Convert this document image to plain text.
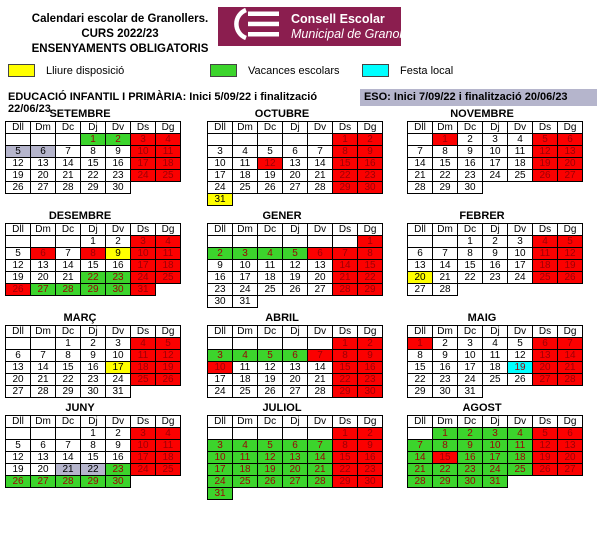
Calendari escolar de Granollers.
CURS 2022/23
ENSENYAMENTS OBLIGATORIS
Consell Escolar
Municipal de Granollers
Lliure disposició	Vacances escolars	Festa local
EDUCACIÓ INFANTIL I PRIMÀRIA: Inici 5/09/22 i finalització 22/06/23
ESO: Inici 7/09/22 i finalització 20/06/23
SETEMBRE
Dll	Dm	Dc	Dj	Dv	Ds	Dg
			1	2	3	4
5	6	7	8	9	10	11
12	13	14	15	16	17	18
19	20	21	22	23	24	25
26	27	28	29	30		
OCTUBRE
Dll	Dm	Dc	Dj	Dv	Ds	Dg
					1	2
3	4	5	6	7	8	9
10	11	12	13	14	15	16
17	18	19	20	21	22	23
24	25	26	27	28	29	30
31						
NOVEMBRE
Dll	Dm	Dc	Dj	Dv	Ds	Dg
	1	2	3	4	5	6
7	8	9	10	11	12	13
14	15	16	17	18	19	20
21	22	23	24	25	26	27
28	29	30				
DESEMBRE
Dll	Dm	Dc	Dj	Dv	Ds	Dg
			1	2	3	4
5	6	7	8	9	10	11
12	13	14	15	16	17	18
19	20	21	22	23	24	25
26	27	28	29	30	31	
GENER
Dll	Dm	Dc	Dj	Dv	Ds	Dg
						1
2	3	4	5	6	7	8
9	10	11	12	13	14	15
16	17	18	19	20	21	22
23	24	25	26	27	28	29
30	31					
FEBRER
Dll	Dm	Dc	Dj	Dv	Ds	Dg
		1	2	3	4	5
6	7	8	9	10	11	12
13	14	15	16	17	18	19
20	21	22	23	24	25	26
27	28					
MARÇ
Dll	Dm	Dc	Dj	Dv	Ds	Dg
		1	2	3	4	5
6	7	8	9	10	11	12
13	14	15	16	17	18	19
20	21	22	23	24	25	26
27	28	29	30	31		
ABRIL
Dll	Dm	Dc	Dj	Dv	Ds	Dg
					1	2
3	4	5	6	7	8	9
10	11	12	13	14	15	16
17	18	19	20	21	22	23
24	25	26	27	28	29	30
MAIG
Dll	Dm	Dc	Dj	Dv	Ds	Dg
1	2	3	4	5	6	7
8	9	10	11	12	13	14
15	16	17	18	19	20	21
22	23	24	25	26	27	28
29	30	31				
JUNY
Dll	Dm	Dc	Dj	Dv	Ds	Dg
			1	2	3	4
5	6	7	8	9	10	11
12	13	14	15	16	17	18
19	20	21	22	23	24	25
26	27	28	29	30		
JULIOL
Dll	Dm	Dc	Dj	Dv	Ds	Dg
					1	2
3	4	5	6	7	8	9
10	11	12	13	14	15	16
17	18	19	20	21	22	23
24	25	26	27	28	29	30
31						
AGOST
Dll	Dm	Dc	Dj	Dv	Ds	Dg
	1	2	3	4	5	6
7	8	9	10	11	12	13
14	15	16	17	18	19	20
21	22	23	24	25	26	27
28	29	30	31			
